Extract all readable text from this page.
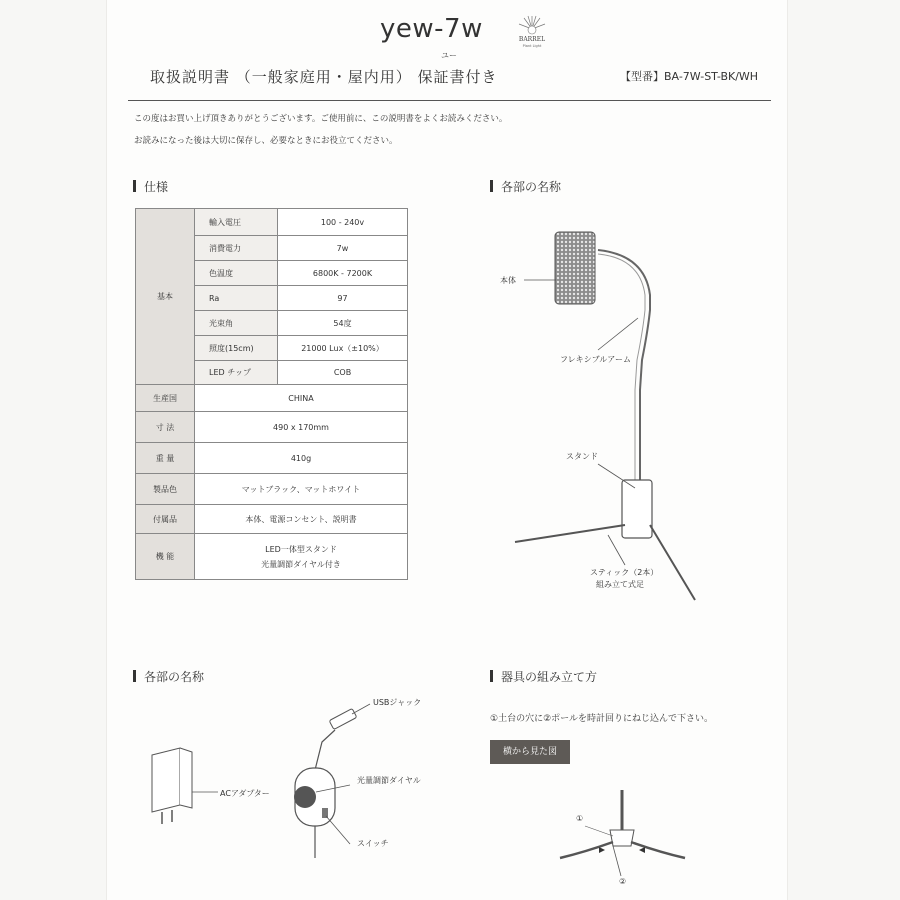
yew-7w
ユー
BARREL
Plant Light
取扱説明書 （一般家庭用・屋内用） 保証書付き	【型番】BA-7W-ST-BK/WH
この度はお買い上げ頂きありがとうございます。ご使用前に、この説明書をよくお読みください。
お読みになった後は大切に保存し、必要なときにお役立てください。
仕様
基本	輸入電圧	100 - 240v
	消費電力	7w
	色温度	6800K - 7200K
	Ra	97
	光束角	54度
	照度(15cm)	21000 Lux（±10%）
	LED チップ	COB
生産国	CHINA	
寸 法	490 x 170mm	
重 量	410g	
製品色	マットブラック、マットホワイト	
付属品	本体、電源コンセント、説明書	
機 能	LED一体型スタンド
光量調節ダイヤル付き	
各部の名称
本体
フレキシブルアーム
スタンド
スティック（2本）
組み立て式足
各部の名称
USBジャック
ACアダプター
光量調節ダイヤル
スイッチ
器具の組み立て方
①土台の穴に②ポールを時計回りにねじ込んで下さい。
横から見た図
①
②
